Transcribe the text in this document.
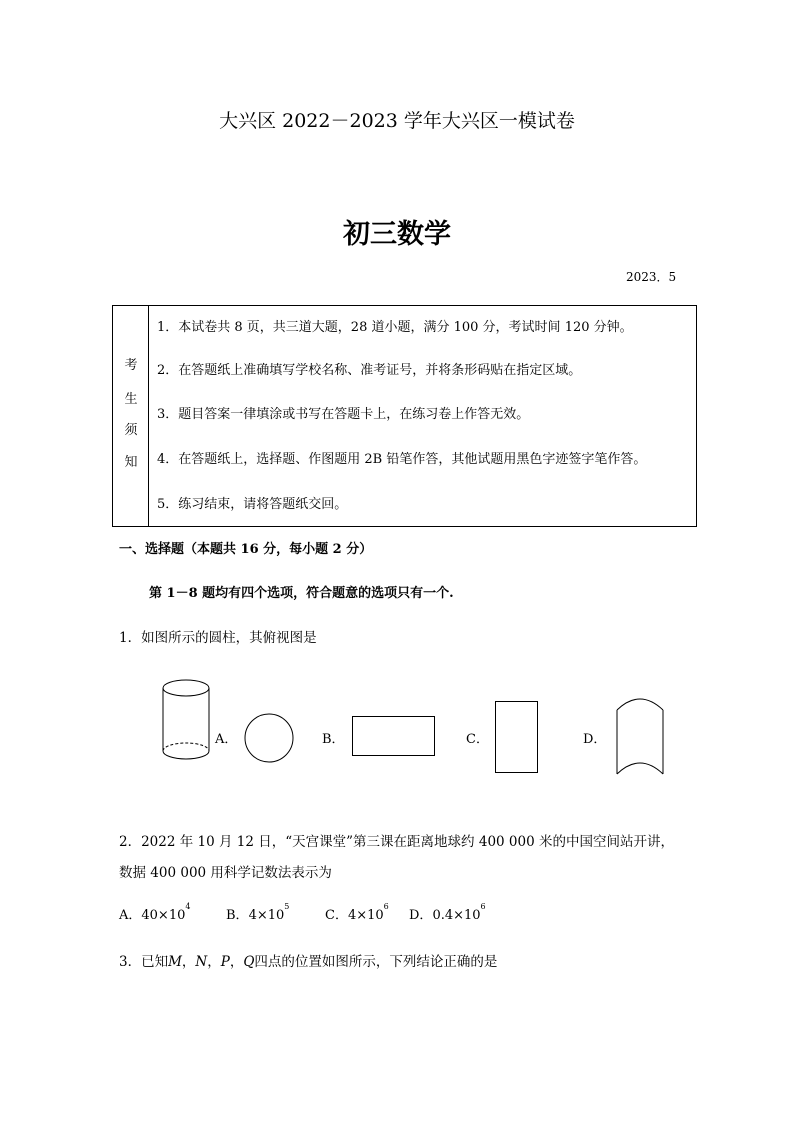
大兴区 2022－2023 学年大兴区一模试卷
初三数学
2023．5
考
生
须
知
1．本试卷共 8 页，共三道大题，28 道小题，满分 100 分，考试时间 120 分钟。
2．在答题纸上准确填写学校名称、准考证号，并将条形码贴在指定区域。
3．题目答案一律填涂或书写在答题卡上，在练习卷上作答无效。
4．在答题纸上，选择题、作图题用 2B 铅笔作答，其他试题用黑色字迹签字笔作答。
5．练习结束，请将答题纸交回。
一、选择题（本题共 16 分，每小题 2 分）
第 1－8 题均有四个选项，符合题意的选项只有一个.
1．如图所示的圆柱，其俯视图是
A．	B．	C．	D．
2．2022 年 10 月 12 日，“天宫课堂”第三课在距离地球约 400 000 米的中国空间站开讲，
数据 400 000 用科学记数法表示为
A．$40\times 10^4$
B．$4\times 10^5$
C．$4\times 10^6$
D．$0.4\times 10^6$
3．已知M，N，P，Q四点的位置如图所示，下列结论正确的是
